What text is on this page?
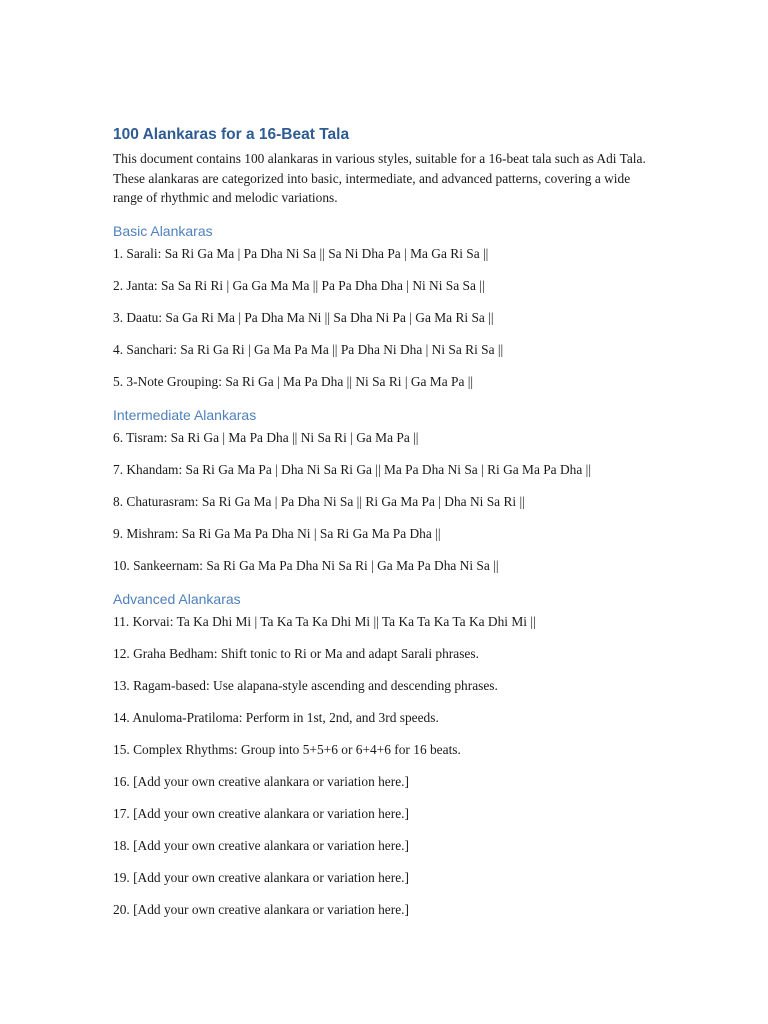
100 Alankaras for a 16-Beat Tala

This document contains 100 alankaras in various styles, suitable for a 16-beat tala such as Adi Tala. These alankaras are categorized into basic, intermediate, and advanced patterns, covering a wide range of rhythmic and melodic variations.

Basic Alankaras

1. Sarali: Sa Ri Ga Ma | Pa Dha Ni Sa || Sa Ni Dha Pa | Ma Ga Ri Sa ||

2. Janta: Sa Sa Ri Ri | Ga Ga Ma Ma || Pa Pa Dha Dha | Ni Ni Sa Sa ||

3. Daatu: Sa Ga Ri Ma | Pa Dha Ma Ni || Sa Dha Ni Pa | Ga Ma Ri Sa ||

4. Sanchari: Sa Ri Ga Ri | Ga Ma Pa Ma || Pa Dha Ni Dha | Ni Sa Ri Sa ||

5. 3-Note Grouping: Sa Ri Ga | Ma Pa Dha || Ni Sa Ri | Ga Ma Pa ||

Intermediate Alankaras

6. Tisram: Sa Ri Ga | Ma Pa Dha || Ni Sa Ri | Ga Ma Pa ||

7. Khandam: Sa Ri Ga Ma Pa | Dha Ni Sa Ri Ga || Ma Pa Dha Ni Sa | Ri Ga Ma Pa Dha ||

8. Chaturasram: Sa Ri Ga Ma | Pa Dha Ni Sa || Ri Ga Ma Pa | Dha Ni Sa Ri ||

9. Mishram: Sa Ri Ga Ma Pa Dha Ni | Sa Ri Ga Ma Pa Dha ||

10. Sankeernam: Sa Ri Ga Ma Pa Dha Ni Sa Ri | Ga Ma Pa Dha Ni Sa ||

Advanced Alankaras

11. Korvai: Ta Ka Dhi Mi | Ta Ka Ta Ka Dhi Mi || Ta Ka Ta Ka Ta Ka Dhi Mi ||

12. Graha Bedham: Shift tonic to Ri or Ma and adapt Sarali phrases.

13. Ragam-based: Use alapana-style ascending and descending phrases.

14. Anuloma-Pratiloma: Perform in 1st, 2nd, and 3rd speeds.

15. Complex Rhythms: Group into 5+5+6 or 6+4+6 for 16 beats.

16. [Add your own creative alankara or variation here.]

17. [Add your own creative alankara or variation here.]

18. [Add your own creative alankara or variation here.]

19. [Add your own creative alankara or variation here.]

20. [Add your own creative alankara or variation here.]
